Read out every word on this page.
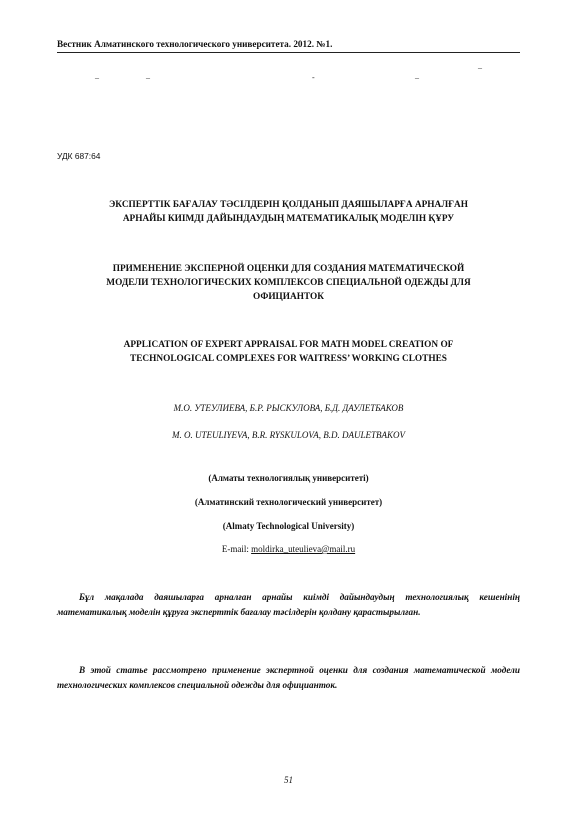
Вестник Алматинского технологического университета. 2012. №1.
_
_	_	-	_
УДК 687:64
ЭКСПЕРТТІК БАҒАЛАУ ТӘСІЛДЕРІН ҚОЛДАНЫП ДАЯШЫЛАРҒА АРНАЛҒАН
АРНАЙЫ КИІМДІ ДАЙЫНДАУДЫҢ МАТЕМАТИКАЛЫҚ МОДЕЛІН ҚҰРУ
ПРИМЕНЕНИЕ ЭКСПЕРНОЙ ОЦЕНКИ ДЛЯ СОЗДАНИЯ МАТЕМАТИЧЕСКОЙ
МОДЕЛИ ТЕХНОЛОГИЧЕСКИХ КОМПЛЕКСОВ СПЕЦИАЛЬНОЙ ОДЕЖДЫ ДЛЯ
ОФИЦИАНТОК
APPLICATION OF EXPERT APPRAISAL FOR MATH MODEL CREATION OF
TECHNOLOGICAL COMPLEXES FOR WAITRESS’ WORKING CLOTHES
М.О. УТЕУЛИЕВА, Б.Р. РЫСКУЛОВА, Б.Д. ДАУЛЕТБАКОВ
M. O. UTEULIYEVA, B.R. RYSKULOVA, B.D. DAULETBAKOV
(Алматы технологиялық университеті)
(Алматинский технологический университет)
(Almaty Technological University)
E-mail: moldirka_uteulieva@mail.ru

Бұл мақалада даяшыларға арналған арнайы киімді дайындаудың технологиялық кешенінің математикалық моделін құруға эксперттік бағалау тәсілдерін қолдану қарастырылған.

В этой статье рассмотрено применение экспертной оценки для создания математической модели технологических комплексов специальной одежды для официанток.

51
